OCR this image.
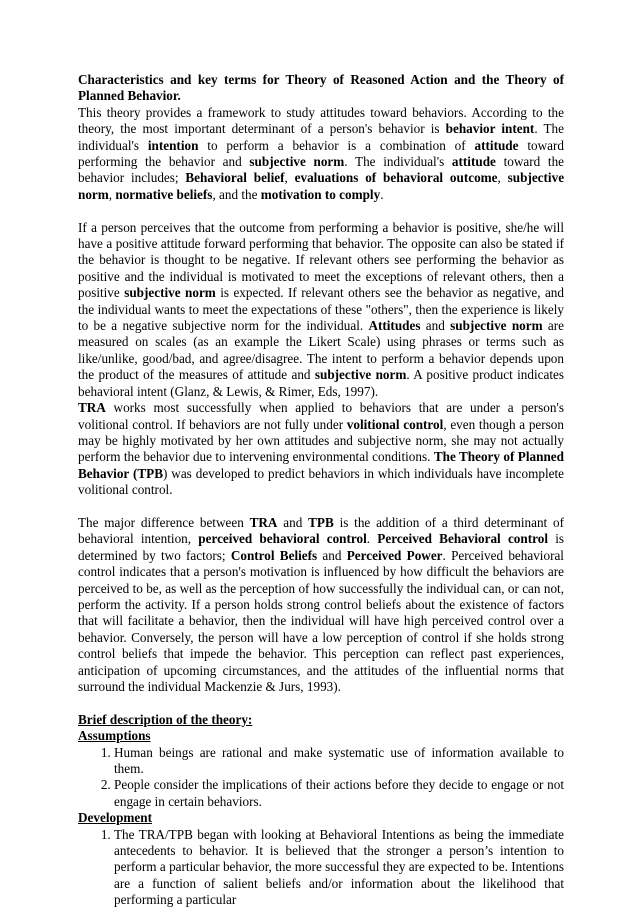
Characteristics and key terms for Theory of Reasoned Action and the Theory of Planned Behavior.

This theory provides a framework to study attitudes toward behaviors. According to the theory, the most important determinant of a person's behavior is behavior intent. The individual's intention to perform a behavior is a combination of attitude toward performing the behavior and subjective norm. The individual's attitude toward the behavior includes; Behavioral belief, evaluations of behavioral outcome, subjective norm, normative beliefs, and the motivation to comply.

If a person perceives that the outcome from performing a behavior is positive, she/he will have a positive attitude forward performing that behavior. The opposite can also be stated if the behavior is thought to be negative. If relevant others see performing the behavior as positive and the individual is motivated to meet the exceptions of relevant others, then a positive subjective norm is expected. If relevant others see the behavior as negative, and the individual wants to meet the expectations of these "others", then the experience is likely to be a negative subjective norm for the individual. Attitudes and subjective norm are measured on scales (as an example the Likert Scale) using phrases or terms such as like/unlike, good/bad, and agree/disagree. The intent to perform a behavior depends upon the product of the measures of attitude and subjective norm. A positive product indicates behavioral intent (Glanz, & Lewis, & Rimer, Eds, 1997).

TRA works most successfully when applied to behaviors that are under a person's volitional control. If behaviors are not fully under volitional control, even though a person may be highly motivated by her own attitudes and subjective norm, she may not actually perform the behavior due to intervening environmental conditions. The Theory of Planned Behavior (TPB) was developed to predict behaviors in which individuals have incomplete volitional control.

The major difference between TRA and TPB is the addition of a third determinant of behavioral intention, perceived behavioral control. Perceived Behavioral control is determined by two factors; Control Beliefs and Perceived Power. Perceived behavioral control indicates that a person's motivation is influenced by how difficult the behaviors are perceived to be, as well as the perception of how successfully the individual can, or can not, perform the activity. If a person holds strong control beliefs about the existence of factors that will facilitate a behavior, then the individual will have high perceived control over a behavior. Conversely, the person will have a low perception of control if she holds strong control beliefs that impede the behavior. This perception can reflect past experiences, anticipation of upcoming circumstances, and the attitudes of the influential norms that surround the individual Mackenzie & Jurs, 1993).

Brief description of the theory:

Assumptions

1. Human beings are rational and make systematic use of information available to them.
2. People consider the implications of their actions before they decide to engage or not engage in certain behaviors.

Development

1. The TRA/TPB began with looking at Behavioral Intentions as being the immediate antecedents to behavior. It is believed that the stronger a person’s intention to perform a particular behavior, the more successful they are expected to be. Intentions are a function of salient beliefs and/or information about the likelihood that performing a particular
